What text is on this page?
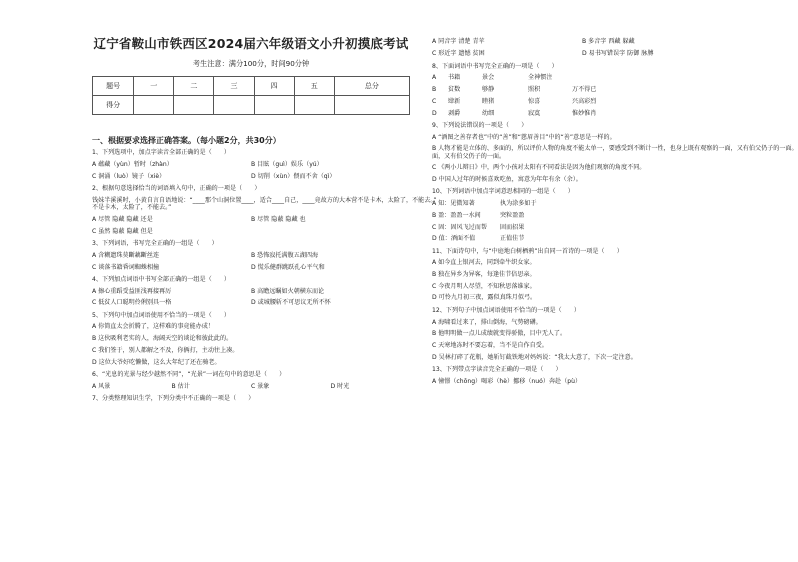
辽宁省鞍山市铁西区2024届六年级语文小升初摸底考试
考生注意：满分100分，时间90分钟
题号	一	二	三	四	五	总分
得分						
一、根据要求选择正确答案。（每小题2分，共30分）
1、下列选项中，加点字读音全部正确的是（　　）
A 蕴藏（yùn）暂时（zhàn）	B 目眩（guì）娱乐（yú）
C 洞涌（luò）镜子（xiè）	D 切削（xùn）偎而不舍（qì）
2、根据句意选择恰当的词语填入句中，正确的一项是（　　）
钱妹半溪溪时，小黄自言自语地说：“____那个山洞位置____，适合____自己，____竟故方的大本营不是卡木，太险了，不能去。”
不是卡木，太险了，不能去。”
A 尽管 隐藏 隐藏 还是	B 尽管 隐蔽 隐藏 也
C 虽然 隐蔽 隐藏 但是
3、下列词语，书写完全正确的一组是（　　）
A 含糊遗珠莫斷藕斷丝连	B 恐怖寂托满腹五湖四海
C 谈落书籍昏词蜘蛛相撞	D 慌乐健群跳跃孔心平气和
4、下列加点词语中书写全部正确的一组是（　　）
A 擦心重蹈受益匪浅再接再厉	B 高瞻远瞩如火朝横东而论
C 低贫人口聪明伶俐别具一格	D 或城腰斩不可思议无所不怀
5、下列句中加点词语使用不恰当的一项是（　　）
A 你简直太会折腾了，这样难的事竟能办成！
B 这伙吸利老实的人，海阔天空的谈论和彼此此的。
C 我们签于，别人都解之不及，你俩打，主动往上凑。
D 这位大爷好吃懒做，这么大年纪了还在骑老。
6、“光息的光景与经少越然不同”，“光景”一词在句中的意思是（　　）
A 风景	B 估计	C 景象	D 时光
7、分类整理知识生学，下列分类中不正确的一项是（　　）
A 同音字 清楚 青苹	B 多音字 西藏 躲藏
C 形近字 遗憾 贫困	D 易书写错误字 防御 脉膊
8、下面词语中书写完全正确的一项是（　　）
A	书籍	景会	全神惯注
B	贫数	够静	照积	万不得已
C	肆新	睦猪	惊喜	兴高彩烈
D	剥爵	幼细	寂寞	惟妙惟肖
9、下列说法错误的一项是（　　）
A “酒图之善存者也”中的“善”和“慈眉善目”中的“善”意思是一样的。
B 人物才能是立体的、多面的，所以评价人物的角度不能太单一，要感受到不断计一性，也身上既有观察的一面，又有伯父仍子的一面。
面，又有伯父仍子的一面。
C 《两小儿辩日》中，两个小孩对太阳有不同看法是因为他们观察的角度不同。
D 中国人过年的时候喜欢吃鱼，寓意为年年有余（余）。
10、下列词语中加点字词意思相同的一组是（　　）
A 知：见微知著	执为涂多如于
B 盈：盈盈一水间	突粒盈盈
C 固：固风飞过而帮	固而招果
D 值：酒面不值	正值佳节
11、下面诗句中，与“中庭地白树栖鸦”出自同一首诗的一项是（　　）
A 如今直上银河去，同到牵牛织女家。
B 独在异乡为异客，每逢佳节倍思亲。
C 今夜月明人尽望，不知秋思落谁家。
D 可怜九月初三夜，露似真珠月似弓。
12、下列句子中加点词语使用不恰当的一项是（　　）
A 海啸看过来了，排山倒海，气势磅礴。
B 他明明做一点儿成绩就变得骄傲，目中无人了。
C 天寒地冻时不要忘着，当不是自作自受。
D 吴林打碎了花瓶，她斩钉截铁地对妈妈说：“我太大意了，下次一定注意。
13、下列带点字读音完全正确的一项是（　　）
A 憧憬（chōng）喝彩（hè）挪移（nuó）奔赴（pù）
